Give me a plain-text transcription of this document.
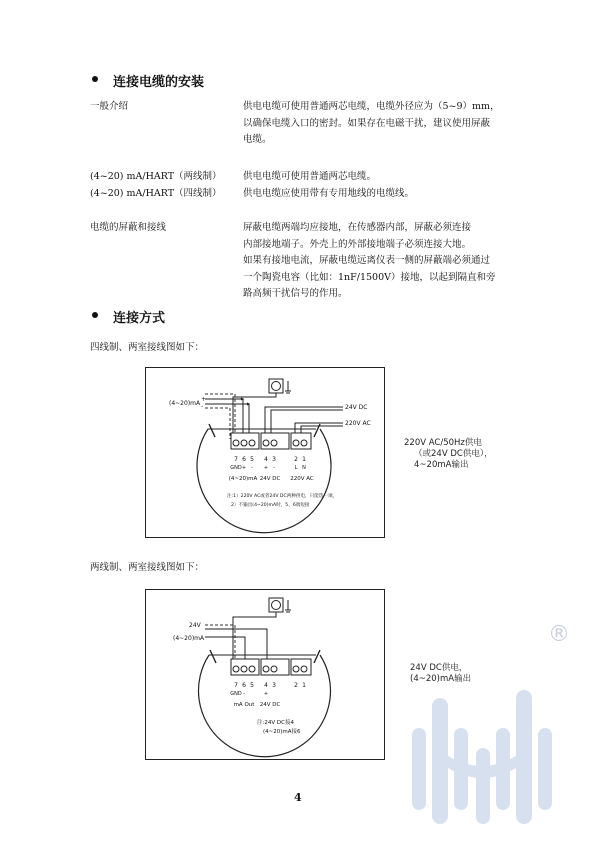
连接电缆的安装
一般介绍	供电电缆可使用普通两芯电缆，电缆外径应为（5~9）mm，
以确保电缆入口的密封。如果存在电磁干扰，建议使用屏蔽
电缆。
(4~20) mA/HART（两线制） 供电电缆可使用普通两芯电缆。
(4~20) mA/HART（四线制） 供电电缆应使用带有专用地线的电缆线。
电缆的屏蔽和接线	屏蔽电缆两端均应接地，在传感器内部，屏蔽必须连接
内部接地端子。外壳上的外部接地端子必须连接大地。
如果有接地电流，屏蔽电缆远离仪表一侧的屏蔽端必须通过
一个陶瓷电容（比如：1nF/1500V）接地，以起到隔直和旁
路高频干扰信号的作用。
连接方式
四线制、两室接线图如下：
(4~20)mA
+
-	24V DC
220V AC
7 6 5 4 3	2 1
GND + - + -	L N
(4~20)mA 24V DC 220V AC
注:1）220V AC或者24V DC两种供电，只能选一项。
2）不输出(4~20)mA时，5、6端短接
220V AC/50Hz供电
（或24V DC供电），
4~20mA输出
两线制、两室接线图如下：
24V
(4~20)mA
7 6 5 4 3	2 1
GND -	+
mA Out 24V DC
注:24V DC接4
(4~20)mA接6
24V DC供电，
(4~20)mA输出
®
4
